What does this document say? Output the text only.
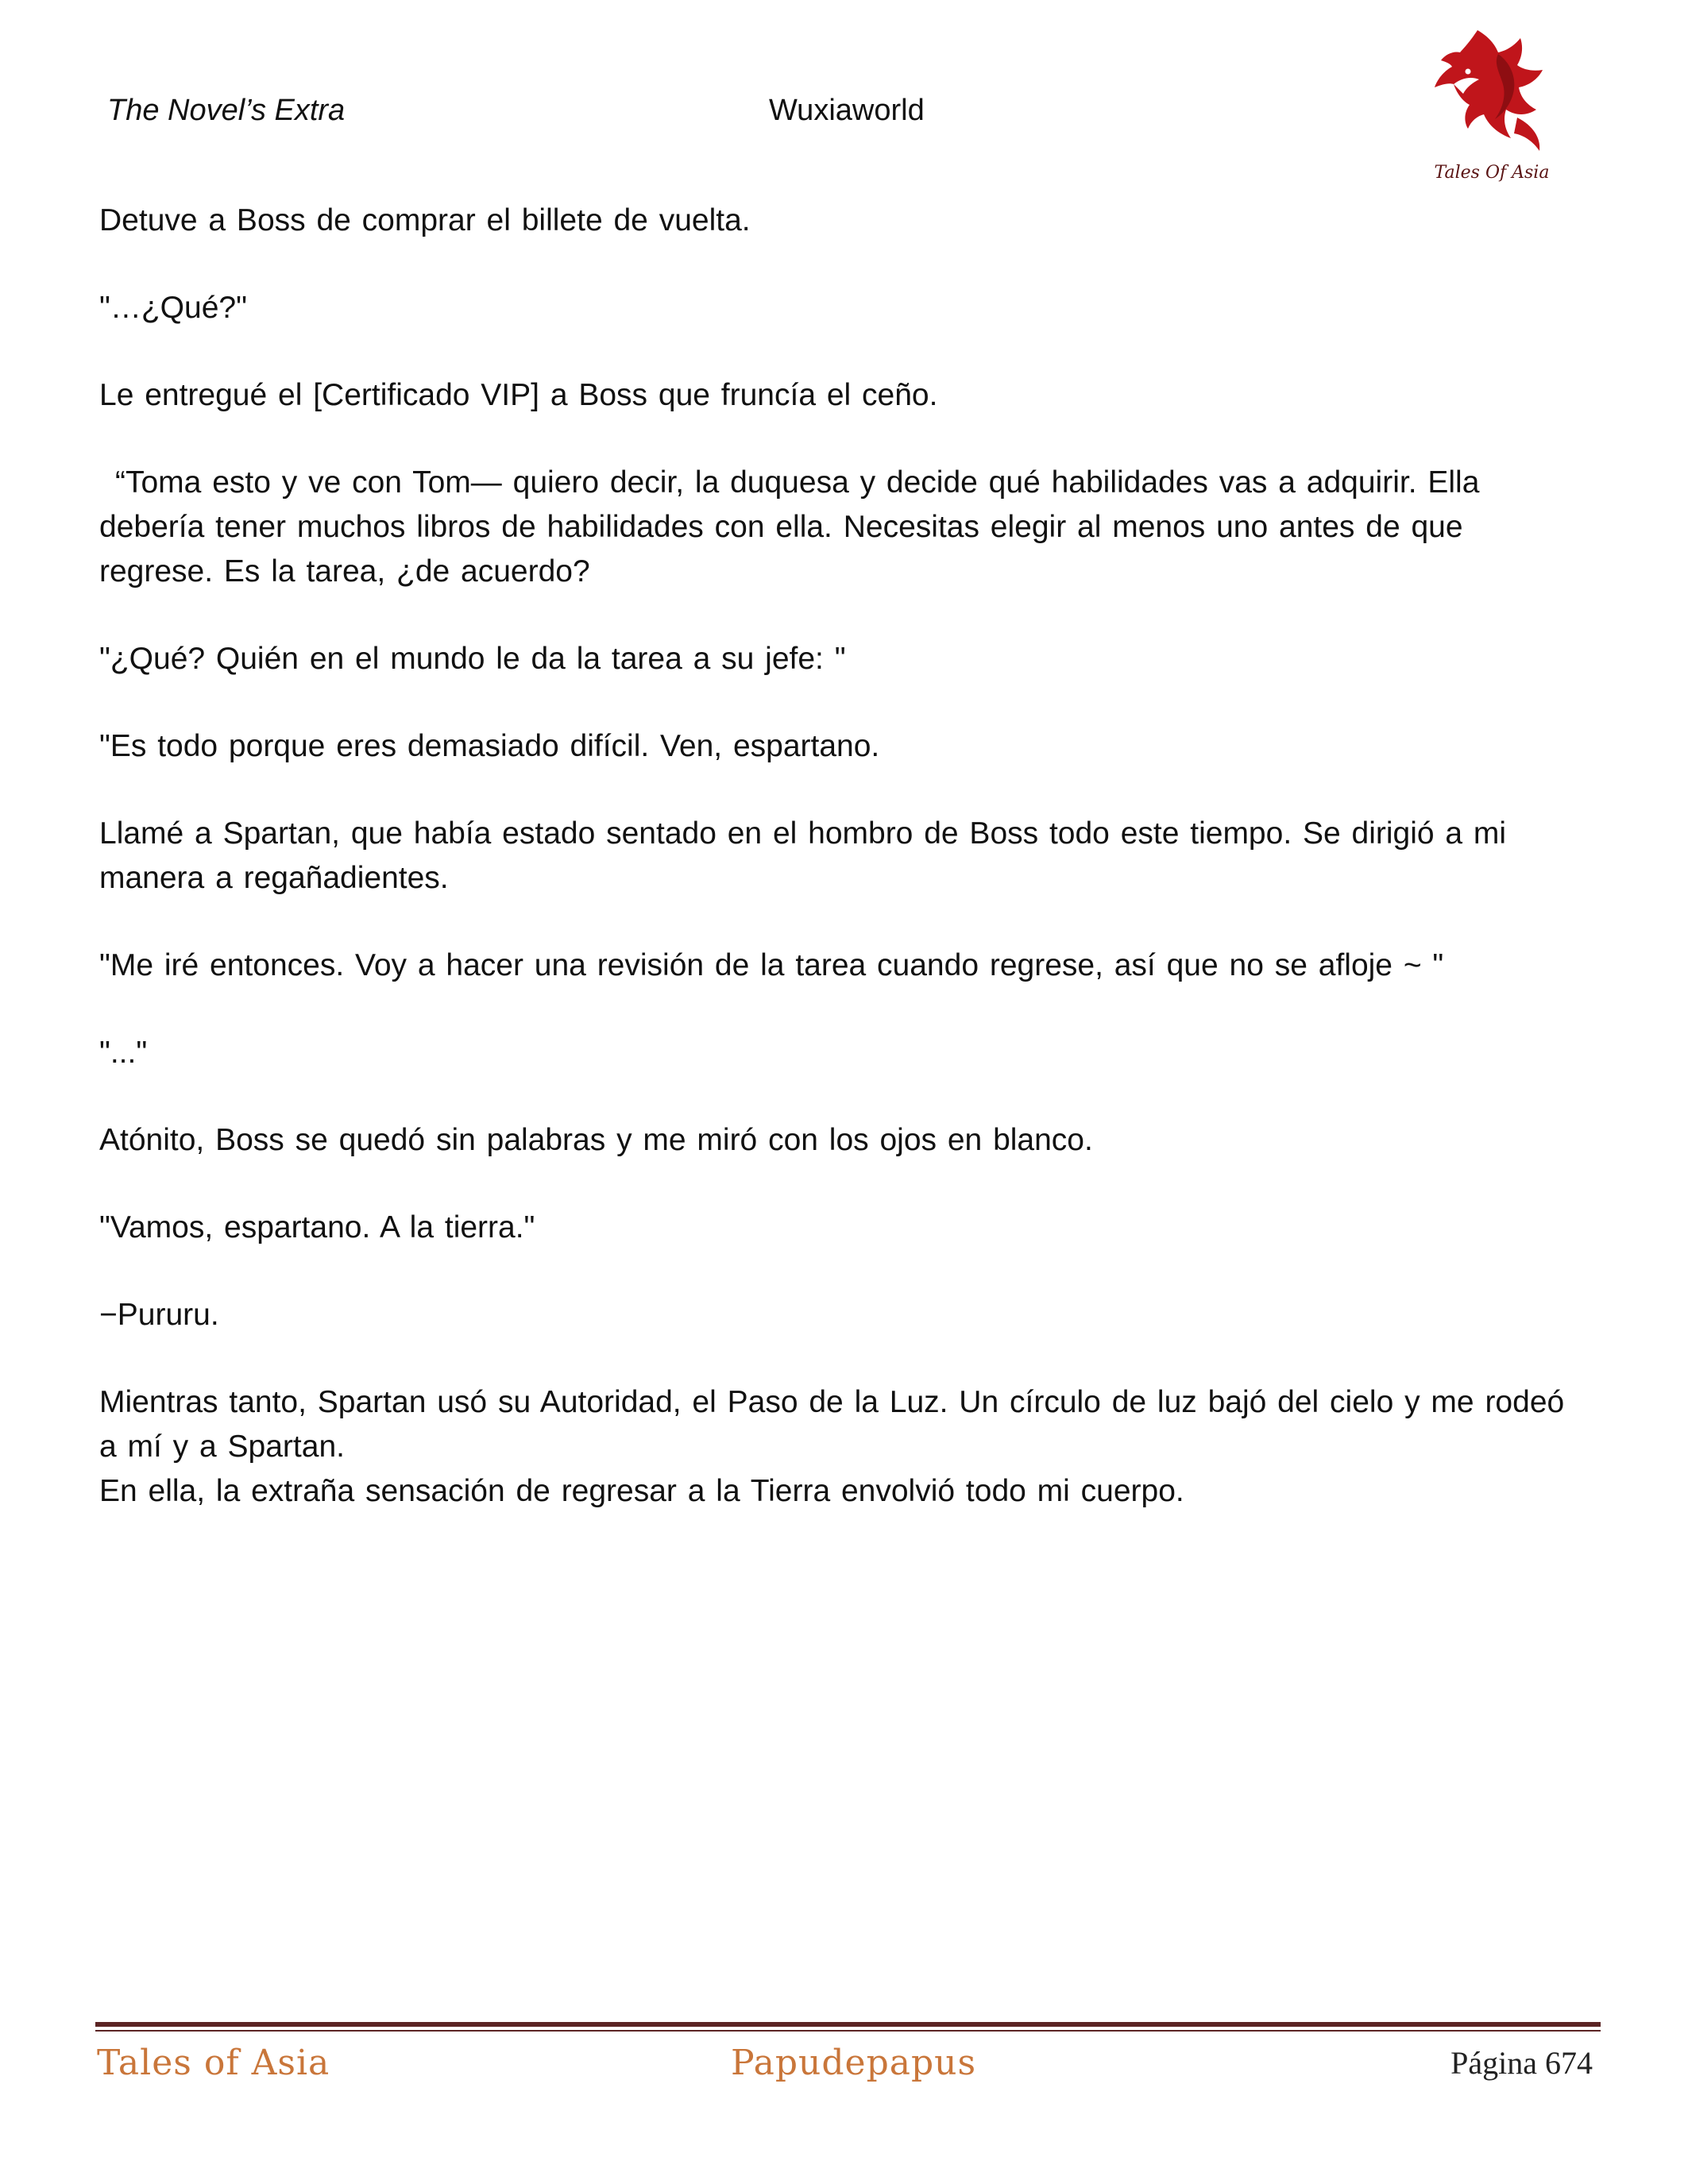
The Novel’s Extra	Wuxiaworld
Tales Of Asia

Detuve a Boss de comprar el billete de vuelta.

"…¿Qué?"

Le entregué el [Certificado VIP] a Boss que fruncía el ceño.

“Toma esto y ve con Tom— quiero decir, la duquesa y decide qué habilidades vas a adquirir. Ella debería tener muchos libros de habilidades con ella. Necesitas elegir al menos uno antes de que regrese. Es la tarea, ¿de acuerdo?

"¿Qué? Quién en el mundo le da la tarea a su jefe: "

"Es todo porque eres demasiado difícil. Ven, espartano.

Llamé a Spartan, que había estado sentado en el hombro de Boss todo este tiempo. Se dirigió a mi manera a regañadientes.

"Me iré entonces. Voy a hacer una revisión de la tarea cuando regrese, así que no se afloje ~ "

"..."

Atónito, Boss se quedó sin palabras y me miró con los ojos en blanco.

"Vamos, espartano. A la tierra."

−Pururu.

Mientras tanto, Spartan usó su Autoridad, el Paso de la Luz. Un círculo de luz bajó del cielo y me rodeó a mí y a Spartan.

En ella, la extraña sensación de regresar a la Tierra envolvió todo mi cuerpo.

Tales of Asia	Papudepapus	Página 674
